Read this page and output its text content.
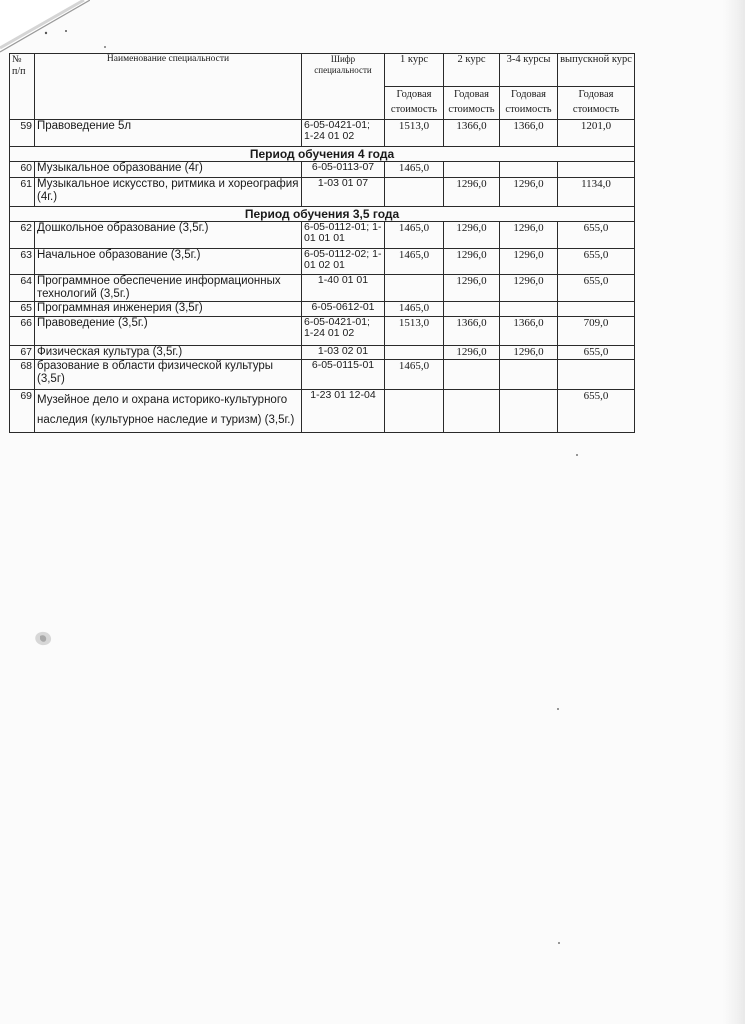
№ п/п	Наименование специальности	Шифр специальности	1 курс	2 курс	3-4 курсы	выпускной курс
			Годовая стоимость	Годовая стоимость	Годовая стоимость	Годовая стоимость
59	Правоведение 5л	6-05-0421-01; 1-24 01 02	1513,0	1366,0	1366,0	1201,0
Период обучения 4 года						
60	Музыкальное образование (4г)	6-05-0113-07	1465,0			
61	Музыкальное искусство, ритмика и хореография (4г.)	1-03 01 07		1296,0	1296,0	1134,0
Период обучения 3,5 года						
62	Дошкольное образование (3,5г.)	6-05-0112-01; 1-01 01 01	1465,0	1296,0	1296,0	655,0
63	Начальное образование (3,5г.)	6-05-0112-02; 1-01 02 01	1465,0	1296,0	1296,0	655,0
64	Программное обеспечение информационных технологий (3,5г.)	1-40 01 01		1296,0	1296,0	655,0
65	Программная инженерия (3,5г)	6-05-0612-01	1465,0			
66	Правоведение (3,5г.)	6-05-0421-01; 1-24 01 02	1513,0	1366,0	1366,0	709,0
67	Физическая культура (3,5г.)	1-03 02 01		1296,0	1296,0	655,0
68	бразование в области физической культуры (3,5г)	6-05-0115-01	1465,0			
69	Музейное дело и охрана историко-культурного наследия (культурное наследие и туризм) (3,5г.)	1-23 01 12-04				655,0
